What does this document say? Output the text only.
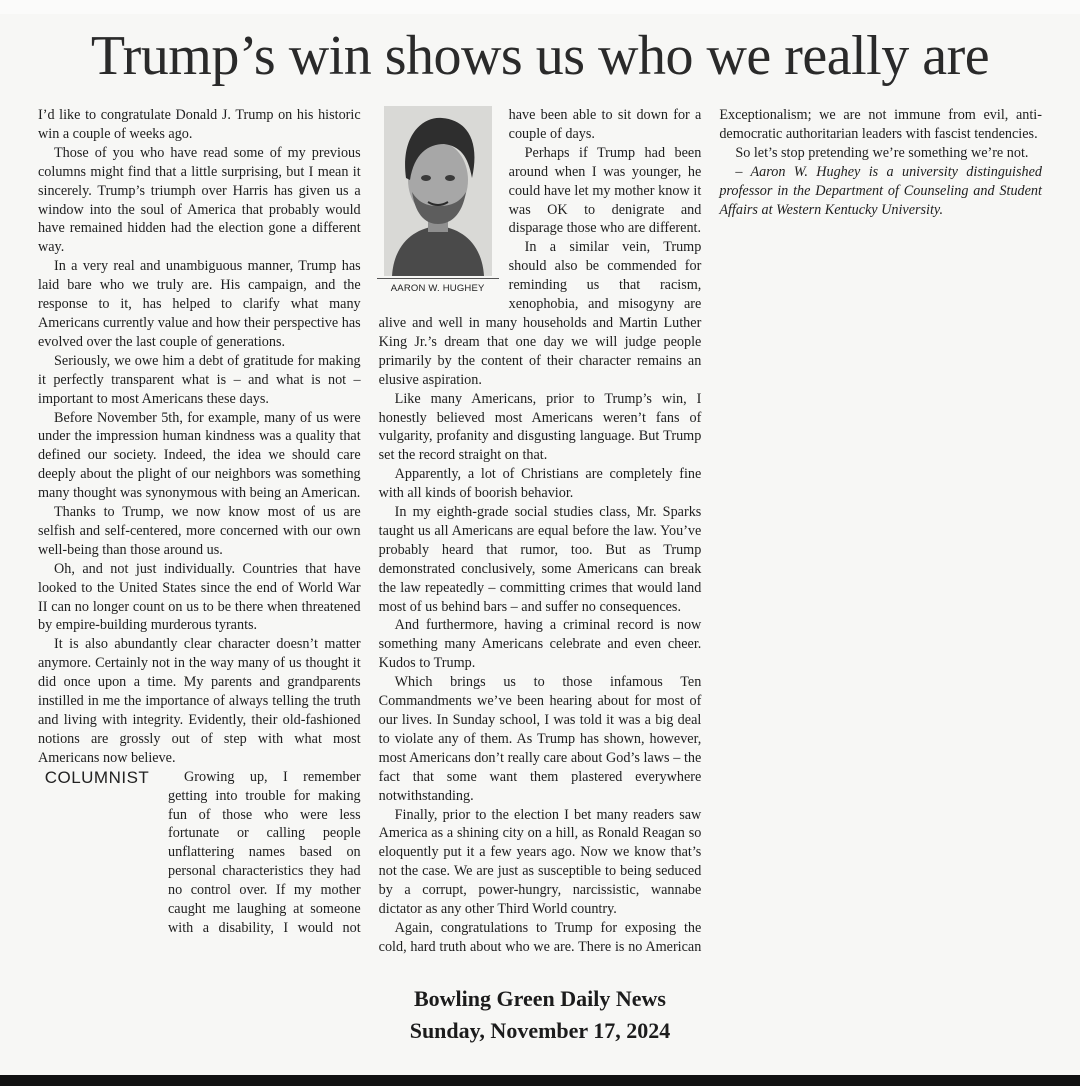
Trump’s win shows us who we really are

I’d like to congratulate Donald J. Trump on his historic win a couple of weeks ago.

Those of you who have read some of my previous columns might find that a little surprising, but I mean it sincerely. Trump’s triumph over Harris has given us a window into the soul of America that probably would have remained hidden had the election gone a different way.

In a very real and unambiguous manner, Trump has laid bare who we truly are. His campaign, and the response to it, has helped to clarify what many Americans currently value and how their perspective has evolved over the last couple of generations.

Seriously, we owe him a debt of gratitude for making it perfectly transparent what is – and what is not – important to most Americans these days.

Before November 5th, for example, many of us were under the impression human kindness was a quality that defined our society. Indeed, the idea we should care deeply about the plight of our neighbors was something many thought was synonymous with being an American.

Thanks to Trump, we now know most of us are selfish and self-centered, more concerned with our own well-being than those around us.

Oh, and not just individually. Countries that have looked to the United States since the end of World War II can no longer count on us to be there when threatened by empire-building murderous tyrants.

It is also abundantly clear character doesn’t matter anymore. Certainly not in the way many of us thought it did once upon a time. My parents and grandparents instilled in me the importance of always telling the truth and living with integrity. Evidently, their old-fashioned notions are grossly out of step with what most Americans now believe.

COLUMNIST
AARON W. HUGHEY

Growing up, I remember getting into trouble for making fun of those who were less fortunate or calling people unflattering names based on personal characteristics they had no control over. If my mother caught me laughing at someone with a disability, I would not have been able to sit down for a couple of days.

Perhaps if Trump had been around when I was younger, he could have let my mother know it was OK to denigrate and disparage those who are different.

In a similar vein, Trump should also be commended for reminding us that racism, xenophobia, and misogyny are alive and well in many households and Martin Luther King Jr.’s dream that one day we will judge people primarily by the content of their character remains an elusive aspiration.

Like many Americans, prior to Trump’s win, I honestly believed most Americans weren’t fans of vulgarity, profanity and disgusting language. But Trump set the record straight on that.

Apparently, a lot of Christians are completely fine with all kinds of boorish behavior.

In my eighth-grade social studies class, Mr. Sparks taught us all Americans are equal before the law. You’ve probably heard that rumor, too. But as Trump demonstrated conclusively, some Americans can break the law repeatedly – committing crimes that would land most of us behind bars – and suffer no consequences.

And furthermore, having a criminal record is now something many Americans celebrate and even cheer. Kudos to Trump.

Which brings us to those infamous Ten Commandments we’ve been hearing about for most of our lives. In Sunday school, I was told it was a big deal to violate any of them. As Trump has shown, however, most Americans don’t really care about God’s laws – the fact that some want them plastered everywhere notwithstanding.

Finally, prior to the election I bet many readers saw America as a shining city on a hill, as Ronald Reagan so eloquently put it a few years ago. Now we know that’s not the case. We are just as susceptible to being seduced by a corrupt, power-hungry, narcissistic, wannabe dictator as any other Third World country.

Again, congratulations to Trump for exposing the cold, hard truth about who we are. There is no American Exceptionalism; we are not immune from evil, anti-democratic authoritarian leaders with fascist tendencies.

So let’s stop pretending we’re something we’re not.

– Aaron W. Hughey is a university distinguished professor in the Department of Counseling and Student Affairs at Western Kentucky University.

Bowling Green Daily News
Sunday, November 17, 2024
